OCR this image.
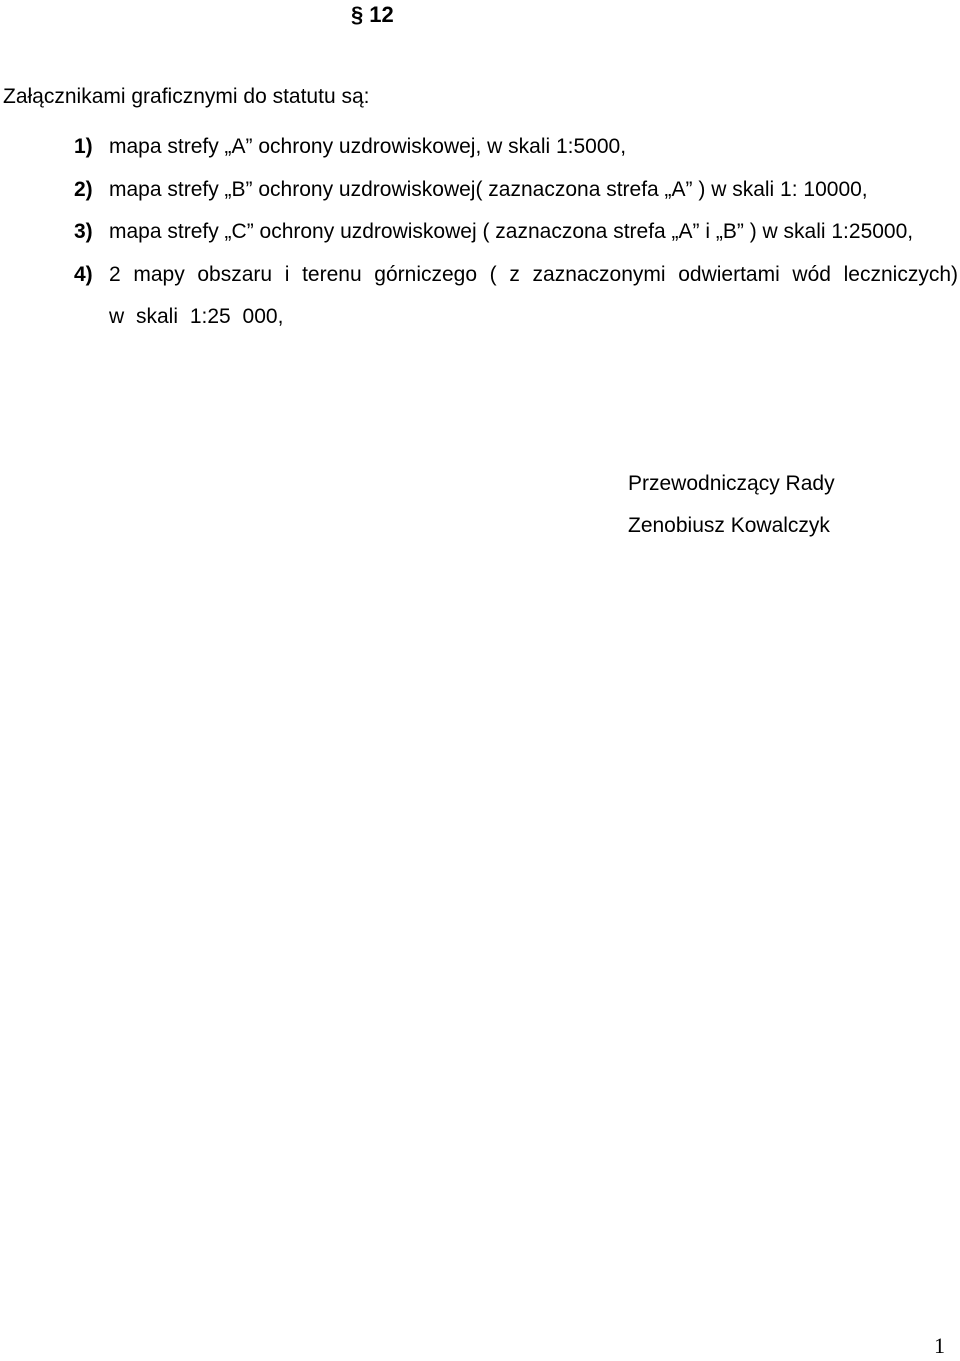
§ 12
Załącznikami graficznymi do statutu są:
1) mapa strefy „A” ochrony uzdrowiskowej, w skali 1:5000,
2) mapa strefy „B” ochrony uzdrowiskowej( zaznaczona strefa „A” ) w skali 1: 10000,
3) mapa strefy „C” ochrony uzdrowiskowej ( zaznaczona strefa „A” i „B” ) w skali 1:25000,
4) 2 mapy obszaru i terenu górniczego ( z zaznaczonymi odwiertami wód leczniczych) w skali 1:25 000,
Przewodniczący Rady
Zenobiusz Kowalczyk
1
